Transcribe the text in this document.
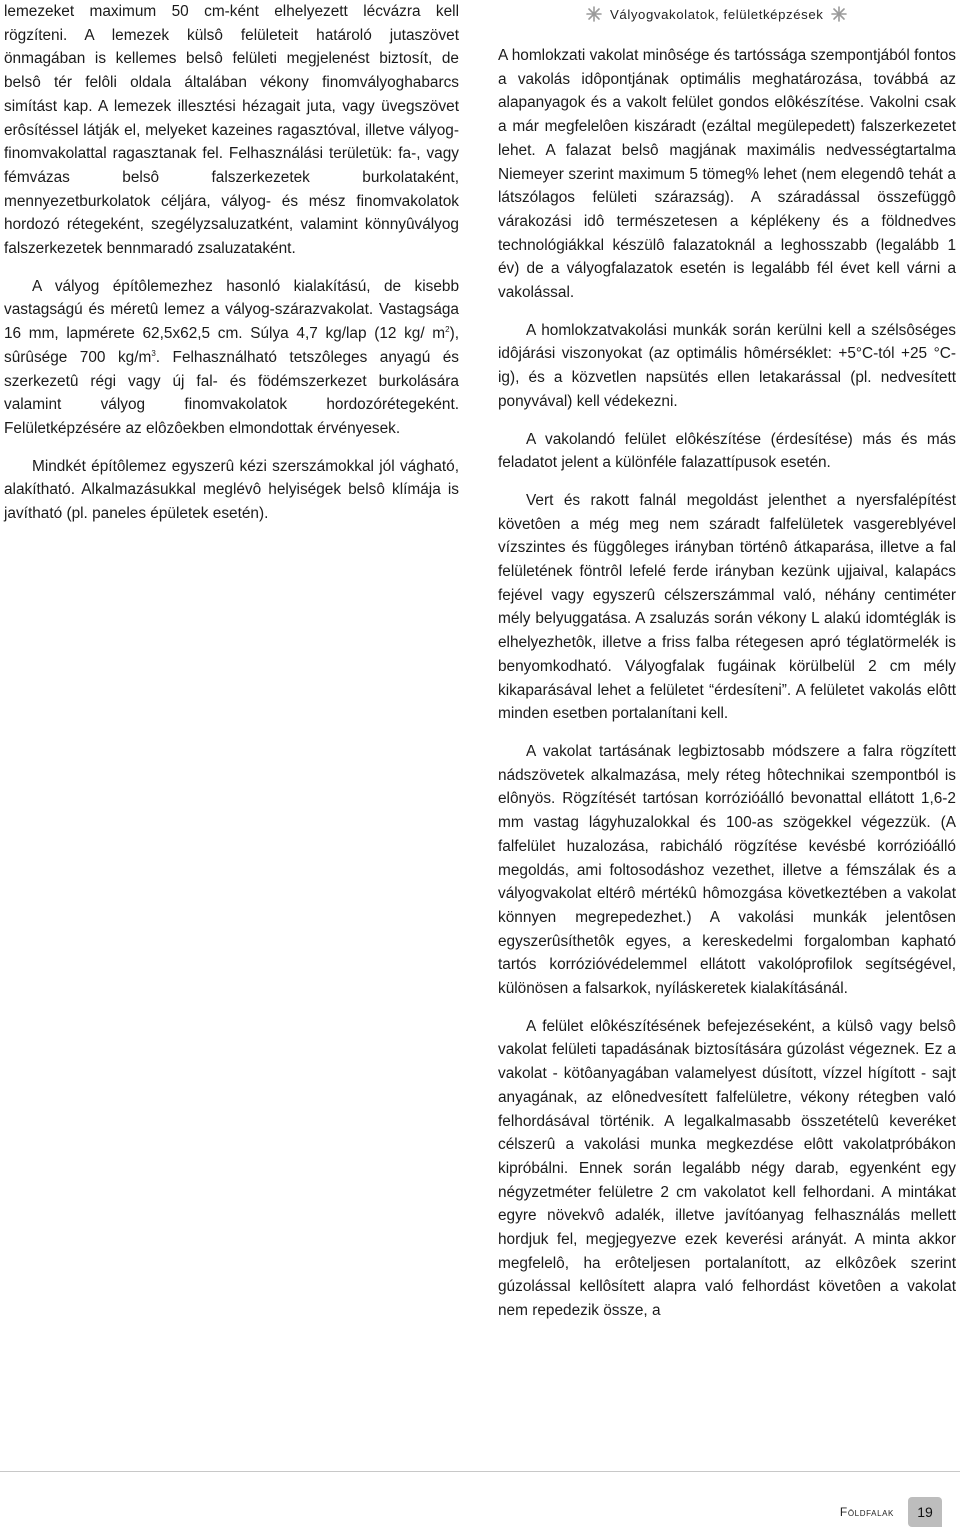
lemezeket maximum 50 cm-ként elhelyezett lécvázra kell rögzíteni. A lemezek külsô felületeit határoló jutaszövet önmagában is kellemes belsô felületi megjelenést biztosít, de belsô tér felôli oldala általában vékony finomvályoghabarcs simítást kap. A lemezek illesztési hézagait juta, vagy üvegszövet erôsítéssel látják el, melyeket kazeines ragasztóval, illetve vályog-finomvakolattal ragasztanak fel. Felhasználási területük: fa-, vagy fémvázas belsô falszerkezetek burkolataként, mennyezetburkolatok céljára, vályog- és mész finomvakolatok hordozó rétegeként, szegélyzsaluzatként, valamint könnyûvályog falszerkezetek bennmaradó zsaluzataként.

A vályog építôlemezhez hasonló kialakítású, de kisebb vastagságú és méretû lemez a vályog-szárazvakolat. Vastagsága 16 mm, lapmérete 62,5x62,5 cm. Súlya 4,7 kg/lap (12 kg/ $m^2$), sûrûsége 700 $kg/m^3$. Felhasználható tetszôleges anyagú és szerkezetû régi vagy új fal- és födémszerkezet burkolására valamint vályog finomvakolatok hordozórétegeként. Felületképzésére az elôzôekben elmondottak érvényesek.

Mindkét építôlemez egyszerû kézi szerszámokkal jól vágható, alakítható. Alkalmazásukkal meglévô helyiségek belsô klímája is javítható (pl. paneles épületek esetén).

Vályogvakolatok, felületképzések

A homlokzati vakolat minôsége és tartóssága szempontjából fontos a vakolás idôpontjának optimális meghatározása, továbbá az alapanyagok és a vakolt felület gondos elôkészítése. Vakolni csak a már megfelelôen kiszáradt (ezáltal megülepedett) falszerkezetet lehet. A falazat belsô magjának maximális nedvességtartalma Niemeyer szerint maximum 5 tömeg% lehet (nem elegendô tehát a látszólagos felületi szárazság). A száradással összefüggô várakozási idô természetesen a képlékeny és a földnedves technológiákkal készülô falazatoknál a leghosszabb (legalább 1 év) de a vályogfalazatok esetén is legalább fél évet kell várni a vakolással.

A homlokzatvakolási munkák során kerülni kell a szélsôséges idôjárási viszonyokat (az optimális hômérséklet: +5°C-tól +25 °C-ig), és a közvetlen napsütés ellen letakarással (pl. nedvesített ponyvával) kell védekezni.

A vakolandó felület elôkészítése (érdesítése) más és más feladatot jelent a különféle falazattípusok esetén.

Vert és rakott falnál megoldást jelenthet a nyersfalépítést követôen a még meg nem száradt falfelületek vasgereblyével vízszintes és függôleges irányban történô átkaparása, illetve a fal felületének föntrôl lefelé ferde irányban kezünk ujjaival, kalapács fejével vagy egyszerû célszerszámmal való, néhány centiméter mély belyuggatása. A zsaluzás során vékony L alakú idomtéglák is elhelyezhetôk, illetve a friss falba rétegesen apró téglatörmelék is benyomkodható. Vályogfalak fugáinak körülbelül 2 cm mély kikaparásával lehet a felületet “érdesíteni”. A felületet vakolás elôtt minden esetben portalanítani kell.

A vakolat tartásának legbiztosabb módszere a falra rögzített nádszövetek alkalmazása, mely réteg hôtechnikai szempontból is elônyös. Rögzítését tartósan korrózióálló bevonattal ellátott 1,6-2 mm vastag lágyhuzalokkal és 100-as szögekkel végezzük. (A falfelület huzalozása, rabicháló rögzítése kevésbé korrózióálló megoldás, ami foltosodáshoz vezethet, illetve a fémszálak és a vályogvakolat eltérô mértékû hômozgása következtében a vakolat könnyen megrepedezhet.) A vakolási munkák jelentôsen egyszerûsíthetôk egyes, a kereskedelmi forgalomban kapható tartós korrózióvédelemmel ellátott vakolóprofilok segítségével, különösen a falsarkok, nyíláskeretek kialakításánál.

A felület elôkészítésének befejezéseként, a külsô vagy belsô vakolat felületi tapadásának biztosítására gúzolást végeznek. Ez a vakolat - kötôanyagában valamelyest dúsított, vízzel hígított - sajt anyagának, az elônedvesített falfelületre, vékony rétegben való felhordásával történik. A legalkalmasabb összetételû keveréket célszerû a vakolási munka megkezdése elôtt vakolatpróbákon kipróbálni. Ennek során legalább négy darab, egyenként egy négyzetméter felületre 2 cm vakolatot kell felhordani. A mintákat egyre növekvô adalék, illetve javítóanyag felhasználás mellett hordjuk fel, megjegyezve ezek keverési arányát. A minta akkor megfelelô, ha erôteljesen portalanított, az elkôzôek szerint gúzolással kellôsített alapra való felhordást követôen a vakolat nem repedezik össze, a

Földfalak 19
